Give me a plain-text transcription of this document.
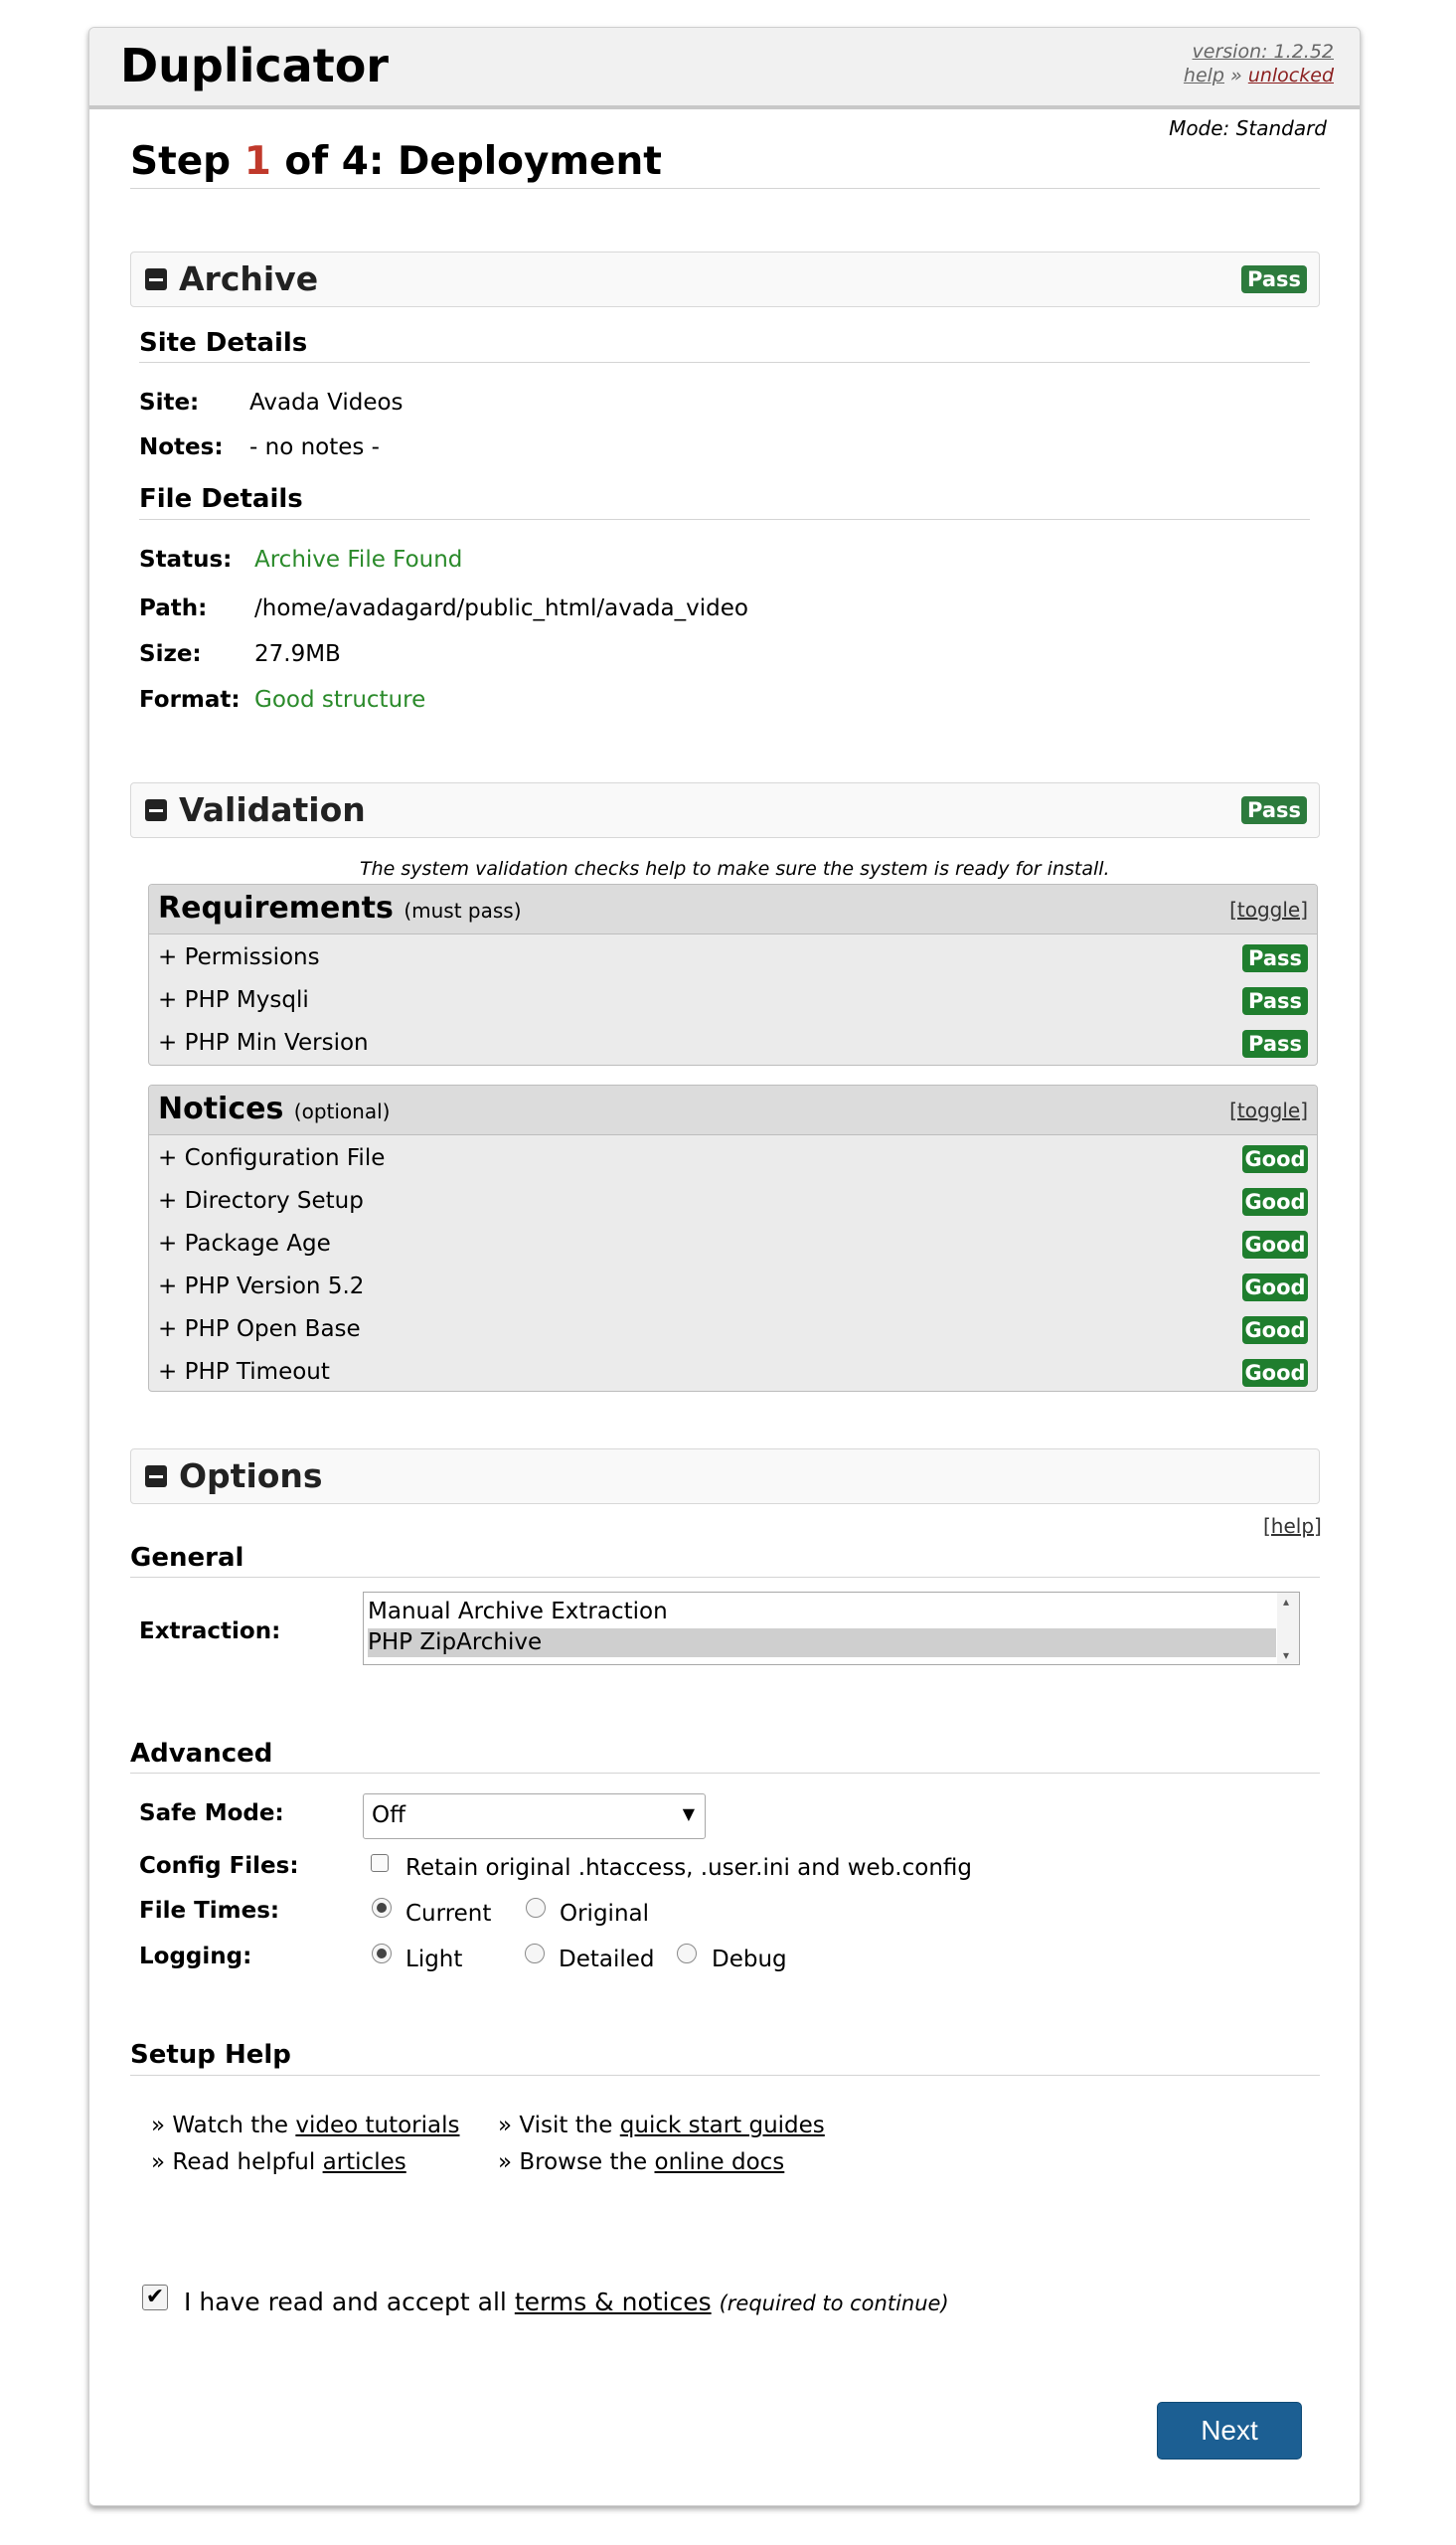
Duplicator	version: 1.2.52
help » unlocked
Mode: Standard
Step 1 of 4: Deployment
Archive	Pass
Site Details
Site: Avada Videos
Notes: - no notes -
File Details
Status: Archive File Found
Path: /home/avadagard/public_html/avada_video
Size: 27.9MB
Format: Good structure
Validation	Pass
The system validation checks help to make sure the system is ready for install.
Requirements (must pass)	[toggle]
+ Permissions	Pass
+ PHP Mysqli	Pass
+ PHP Min Version	Pass
Notices (optional)	[toggle]
+ Configuration File	Good
+ Directory Setup	Good
+ Package Age	Good
+ PHP Version 5.2	Good
+ PHP Open Base	Good
+ PHP Timeout	Good
Options
[help]
General
Extraction:
Manual Archive Extraction
PHP ZipArchive
▴
▾
Advanced
Safe Mode:	Off	▼
Config Files:	Retain original .htaccess, .user.ini and web.config
File Times:	Current	Original
Logging:	Light	Detailed Debug
Setup Help
» Watch the video tutorials
» Read helpful articles
» Visit the quick start guides
» Browse the online docs
✔ I have read and accept all terms & notices (required to continue)
Next
